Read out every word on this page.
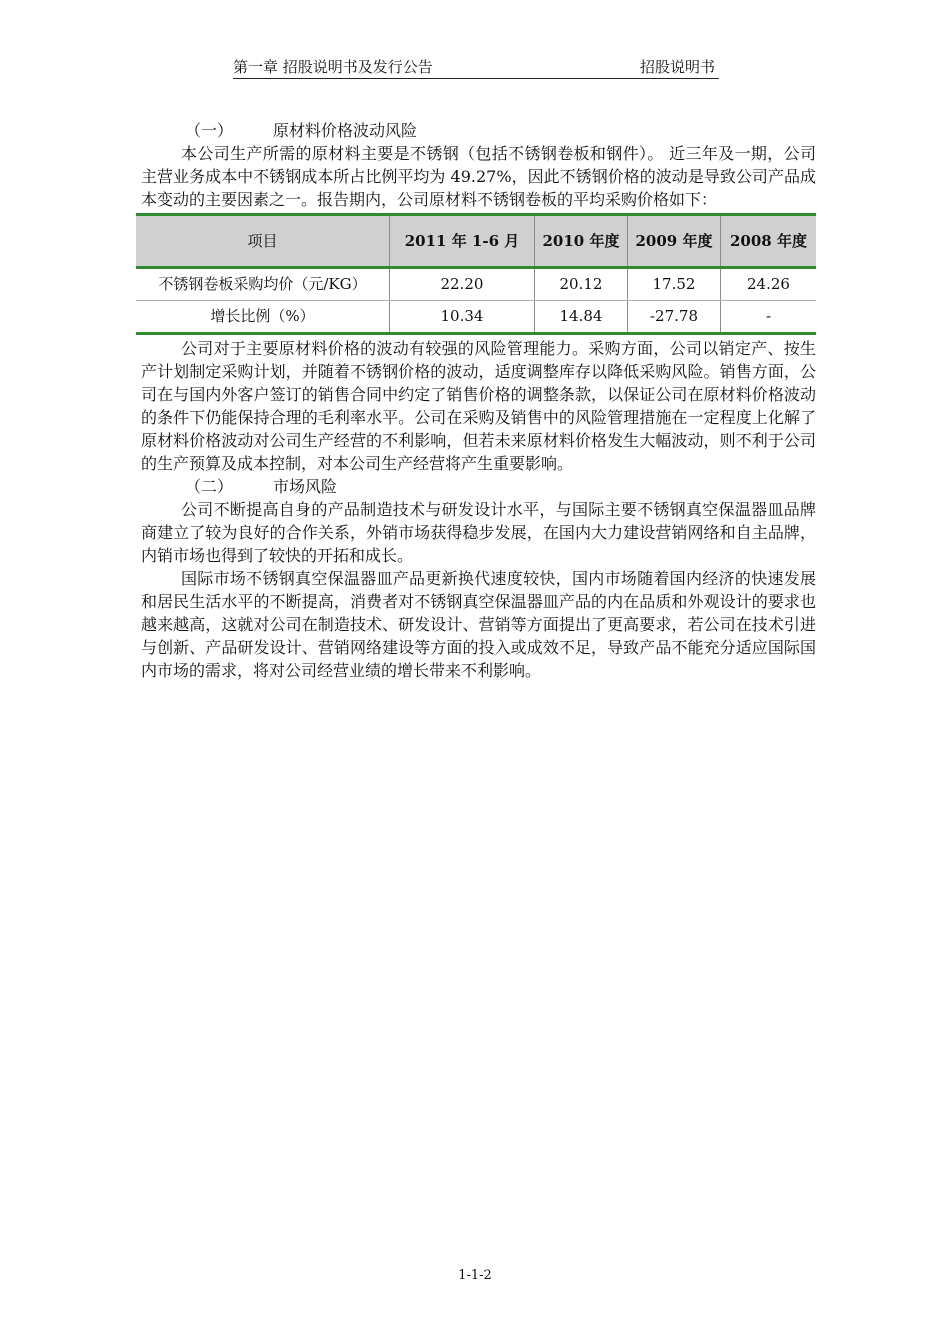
第一章 招股说明书及发行公告	招股说明书

（一）	原材料价格波动风险

本公司生产所需的原材料主要是不锈钢（包括不锈钢卷板和钢件）。 近三年及一期，公司主营业务成本中不锈钢成本所占比例平均为 49.27%，因此不锈钢价格的波动是导致公司产品成本变动的主要因素之一。报告期内，公司原材料不锈钢卷板的平均采购价格如下：

项目	2011 年 1-6 月	2010 年度	2009 年度	2008 年度
不锈钢卷板采购均价（元/KG）	22.20	20.12	17.52	24.26
增长比例（%）	10.34	14.84	-27.78	-

公司对于主要原材料价格的波动有较强的风险管理能力。采购方面，公司以销定产、按生产计划制定采购计划，并随着不锈钢价格的波动，适度调整库存以降低采购风险。销售方面，公司在与国内外客户签订的销售合同中约定了销售价格的调整条款，以保证公司在原材料价格波动的条件下仍能保持合理的毛利率水平。公司在采购及销售中的风险管理措施在一定程度上化解了原材料价格波动对公司生产经营的不利影响，但若未来原材料价格发生大幅波动，则不利于公司的生产预算及成本控制，对本公司生产经营将产生重要影响。

（二）	市场风险

公司不断提高自身的产品制造技术与研发设计水平，与国际主要不锈钢真空保温器皿品牌商建立了较为良好的合作关系，外销市场获得稳步发展，在国内大力建设营销网络和自主品牌，内销市场也得到了较快的开拓和成长。

国际市场不锈钢真空保温器皿产品更新换代速度较快，国内市场随着国内经济的快速发展和居民生活水平的不断提高，消费者对不锈钢真空保温器皿产品的内在品质和外观设计的要求也越来越高，这就对公司在制造技术、研发设计、营销等方面提出了更高要求，若公司在技术引进与创新、产品研发设计、营销网络建设等方面的投入或成效不足，导致产品不能充分适应国际国内市场的需求，将对公司经营业绩的增长带来不利影响。

1-1-2
